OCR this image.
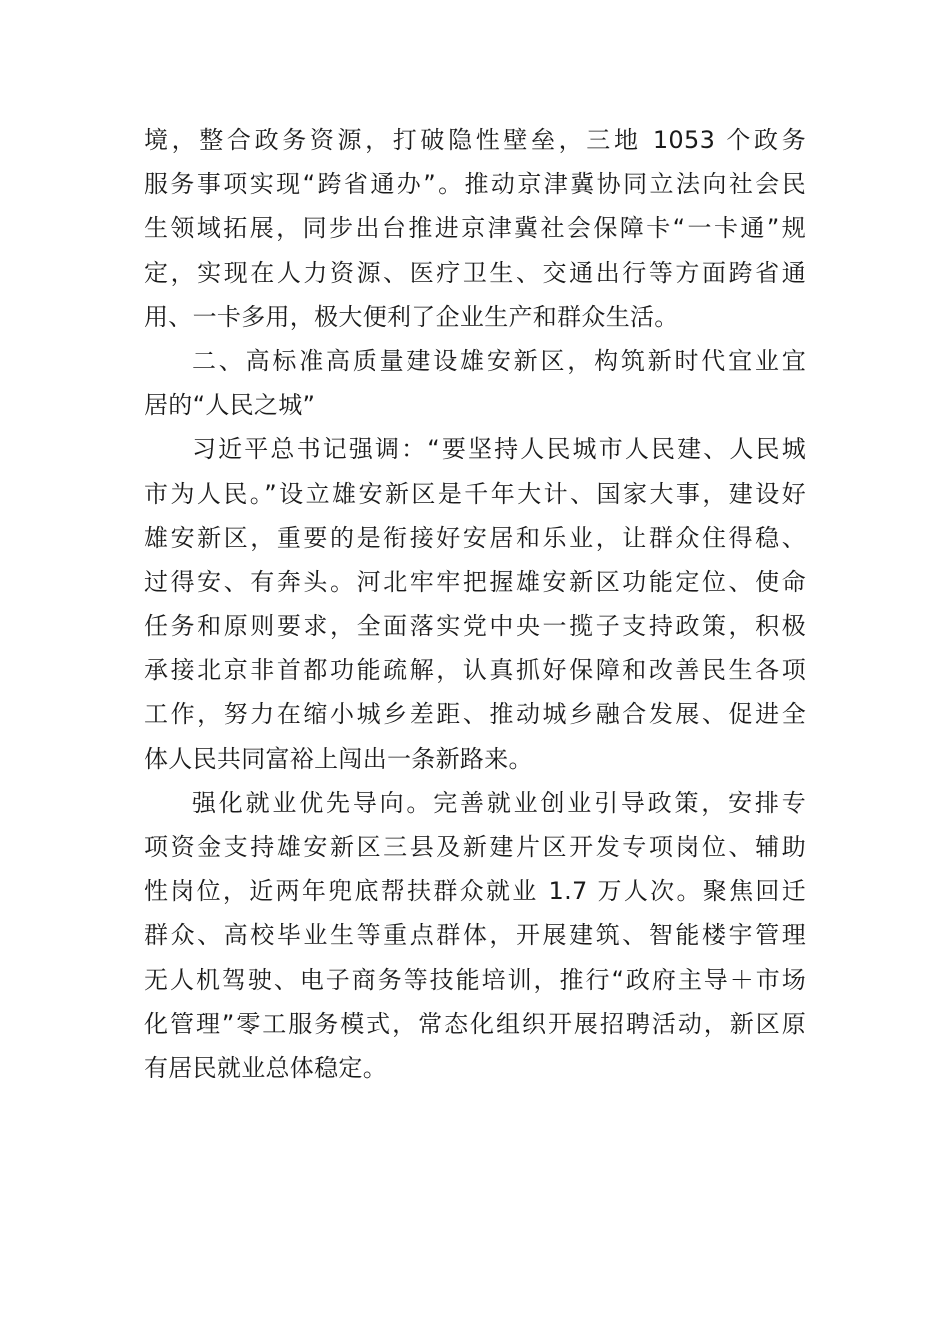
境，整合政务资源，打破隐性壁垒，三地 1053 个政务
服务事项实现“跨省通办”。推动京津冀协同立法向社会民
生领域拓展，同步出台推进京津冀社会保障卡“一卡通”规
定，实现在人力资源、医疗卫生、交通出行等方面跨省通
用、一卡多用，极大便利了企业生产和群众生活。
二、高标准高质量建设雄安新区，构筑新时代宜业宜
居的“人民之城”
习近平总书记强调：“要坚持人民城市人民建、人民城
市为人民。”设立雄安新区是千年大计、国家大事，建设好
雄安新区，重要的是衔接好安居和乐业，让群众住得稳、
过得安、有奔头。河北牢牢把握雄安新区功能定位、使命
任务和原则要求，全面落实党中央一揽子支持政策，积极
承接北京非首都功能疏解，认真抓好保障和改善民生各项
工作，努力在缩小城乡差距、推动城乡融合发展、促进全
体人民共同富裕上闯出一条新路来。
强化就业优先导向。完善就业创业引导政策，安排专
项资金支持雄安新区三县及新建片区开发专项岗位、辅助
性岗位，近两年兜底帮扶群众就业 1.7 万人次。聚焦回迁
群众、高校毕业生等重点群体，开展建筑、智能楼宇管理
无人机驾驶、电子商务等技能培训，推行“政府主导＋市场
化管理”零工服务模式，常态化组织开展招聘活动，新区原
有居民就业总体稳定。
